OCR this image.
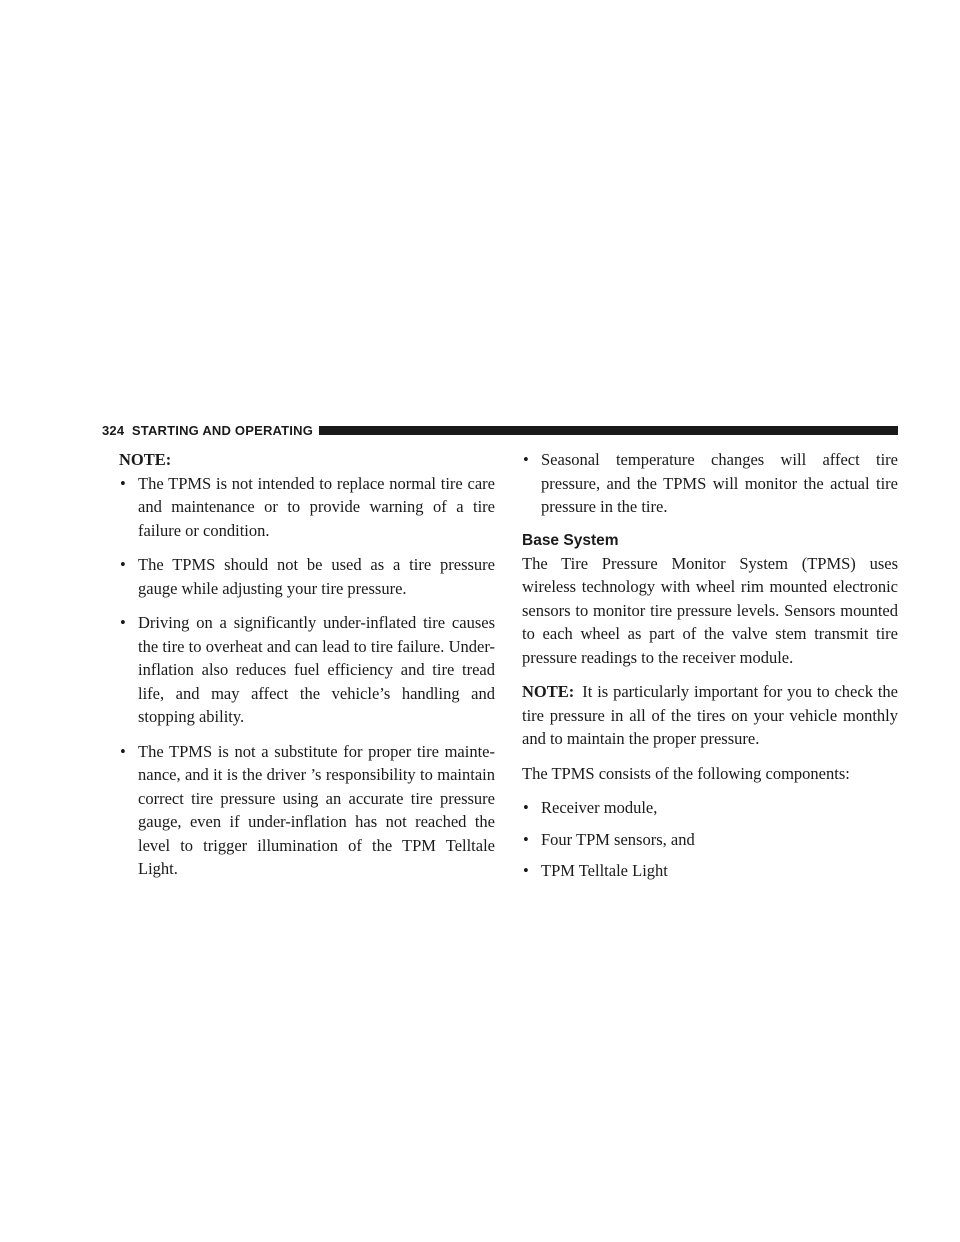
324 STARTING AND OPERATING

NOTE:

• The TPMS is not intended to replace normal tire care and maintenance or to provide warning of a tire failure or condition.
• The TPMS should not be used as a tire pressure gauge while adjusting your tire pressure.
• Driving on a significantly under-inflated tire causes the tire to overheat and can lead to tire failure. Under-inflation also reduces fuel efficiency and tire tread life, and may affect the vehicle’s handling and stopping ability.
• The TPMS is not a substitute for proper tire mainte-nance, and it is the driver ’s responsibility to maintain correct tire pressure using an accurate tire pressure gauge, even if under-inflation has not reached the level to trigger illumination of the TPM Telltale Light.
• Seasonal temperature changes will affect tire pressure, and the TPMS will monitor the actual tire pressure in the tire.
Base System

The Tire Pressure Monitor System (TPMS) uses wireless technology with wheel rim mounted electronic sensors to monitor tire pressure levels. Sensors mounted to each wheel as part of the valve stem transmit tire pressure readings to the receiver module.

NOTE: It is particularly important for you to check the tire pressure in all of the tires on your vehicle monthly and to maintain the proper pressure.

The TPMS consists of the following components:

• Receiver module,
• Four TPM sensors, and
• TPM Telltale Light
